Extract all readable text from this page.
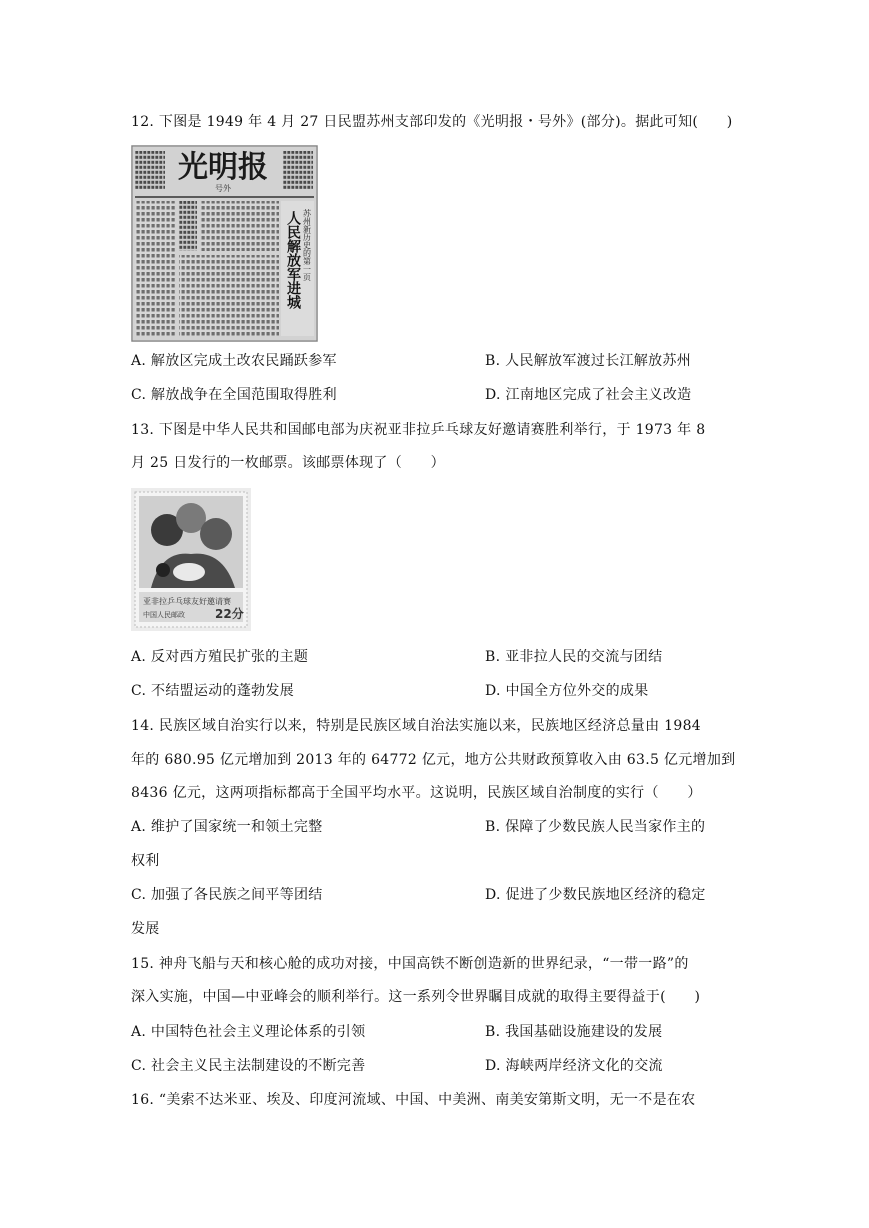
12. 下图是 1949 年 4 月 27 日民盟苏州支部印发的《光明报・号外》(部分)。据此可知(　　)
光明报
号外
苏州新历史的第一页
人民解放军进城
A. 解放区完成土改农民踊跃参军	B. 人民解放军渡过长江解放苏州
C. 解放战争在全国范围取得胜利	D. 江南地区完成了社会主义改造
13. 下图是中华人民共和国邮电部为庆祝亚非拉乒乓球友好邀请赛胜利举行，于 1973 年 8
月 25 日发行的一枚邮票。该邮票体现了（　　）
亚非拉乒乓球友好邀请赛
中国人民邮政	22分
A. 反对西方殖民扩张的主题	B. 亚非拉人民的交流与团结
C. 不结盟运动的蓬勃发展	D. 中国全方位外交的成果
14. 民族区域自治实行以来，特别是民族区域自治法实施以来，民族地区经济总量由 1984
年的 680.95 亿元增加到 2013 年的 64772 亿元，地方公共财政预算收入由 63.5 亿元增加到
8436 亿元，这两项指标都高于全国平均水平。这说明，民族区域自治制度的实行（　　）
A. 维护了国家统一和领土完整	B. 保障了少数民族人民当家作主的
权利
C. 加强了各民族之间平等团结	D. 促进了少数民族地区经济的稳定
发展
15. 神舟飞船与天和核心舱的成功对接，中国高铁不断创造新的世界纪录，“一带一路”的
深入实施，中国—中亚峰会的顺利举行。这一系列令世界瞩目成就的取得主要得益于(　　)
A. 中国特色社会主义理论体系的引领	B. 我国基础设施建设的发展
C. 社会主义民主法制建设的不断完善	D. 海峡两岸经济文化的交流
16. “美索不达米亚、埃及、印度河流域、中国、中美洲、南美安第斯文明，无一不是在农
